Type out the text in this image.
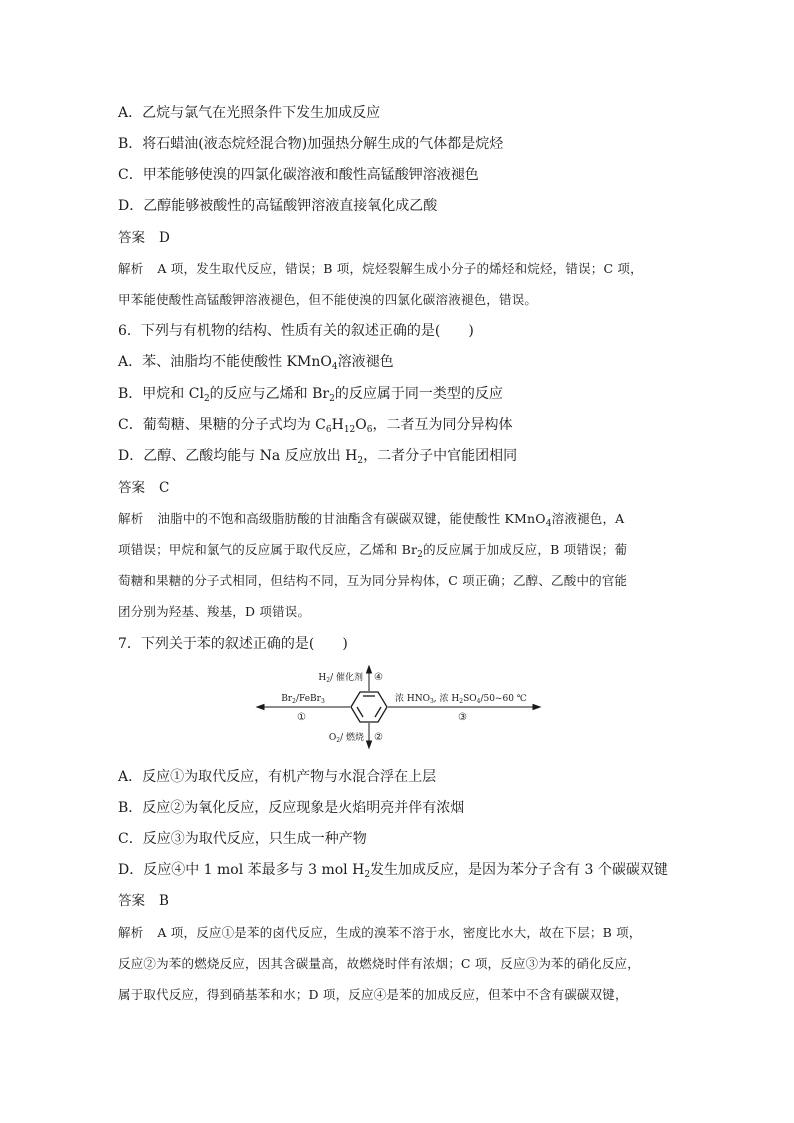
A．乙烷与氯气在光照条件下发生加成反应
B．将石蜡油(液态烷烃混合物)加强热分解生成的气体都是烷烃
C．甲苯能够使溴的四氯化碳溶液和酸性高锰酸钾溶液褪色
D．乙醇能够被酸性的高锰酸钾溶液直接氧化成乙酸
答案 D
解析 A 项，发生取代反应，错误；B 项，烷烃裂解生成小分子的烯烃和烷烃，错误；C 项，
甲苯能使酸性高锰酸钾溶液褪色，但不能使溴的四氯化碳溶液褪色，错误。
6．下列与有机物的结构、性质有关的叙述正确的是(　　)
A．苯、油脂均不能使酸性 KMnO$_4$溶液褪色
B．甲烷和 $Cl_2$的反应与乙烯和 $Br_2$的反应属于同一类型的反应
C．葡萄糖、果糖的分子式均为 $C_6H_{12}O_6$，二者互为同分异构体
D．乙醇、乙酸均能与 Na 反应放出 $H_2$，二者分子中官能团相同
答案 C
解析 油脂中的不饱和高级脂肪酸的甘油酯含有碳碳双键，能使酸性 KMnO$_4$溶液褪色，A
项错误；甲烷和氯气的反应属于取代反应，乙烯和 $Br_2$的反应属于加成反应，B 项错误；葡
萄糖和果糖的分子式相同，但结构不同，互为同分异构体，C 项正确；乙醇、乙酸中的官能
团分别为羟基、羧基，D 项错误。
7．下列关于苯的叙述正确的是(　　)
$H_2/$ 催化剂 ④
$Br_2/FeBr_3$
①
浓 $HNO_3$, 浓 $H_2SO_4/50\sim 60$ ℃
③
$O_2/$ 燃烧 ②
A．反应①为取代反应，有机产物与水混合浮在上层
B．反应②为氧化反应，反应现象是火焰明亮并伴有浓烟
C．反应③为取代反应，只生成一种产物
D．反应④中 1 mol 苯最多与 3 mol $H_2$发生加成反应，是因为苯分子含有 3 个碳碳双键
答案 B
解析 A 项，反应①是苯的卤代反应，生成的溴苯不溶于水，密度比水大，故在下层；B 项，
反应②为苯的燃烧反应，因其含碳量高，故燃烧时伴有浓烟；C 项，反应③为苯的硝化反应，
属于取代反应，得到硝基苯和水；D 项，反应④是苯的加成反应，但苯中不含有碳碳双键，
